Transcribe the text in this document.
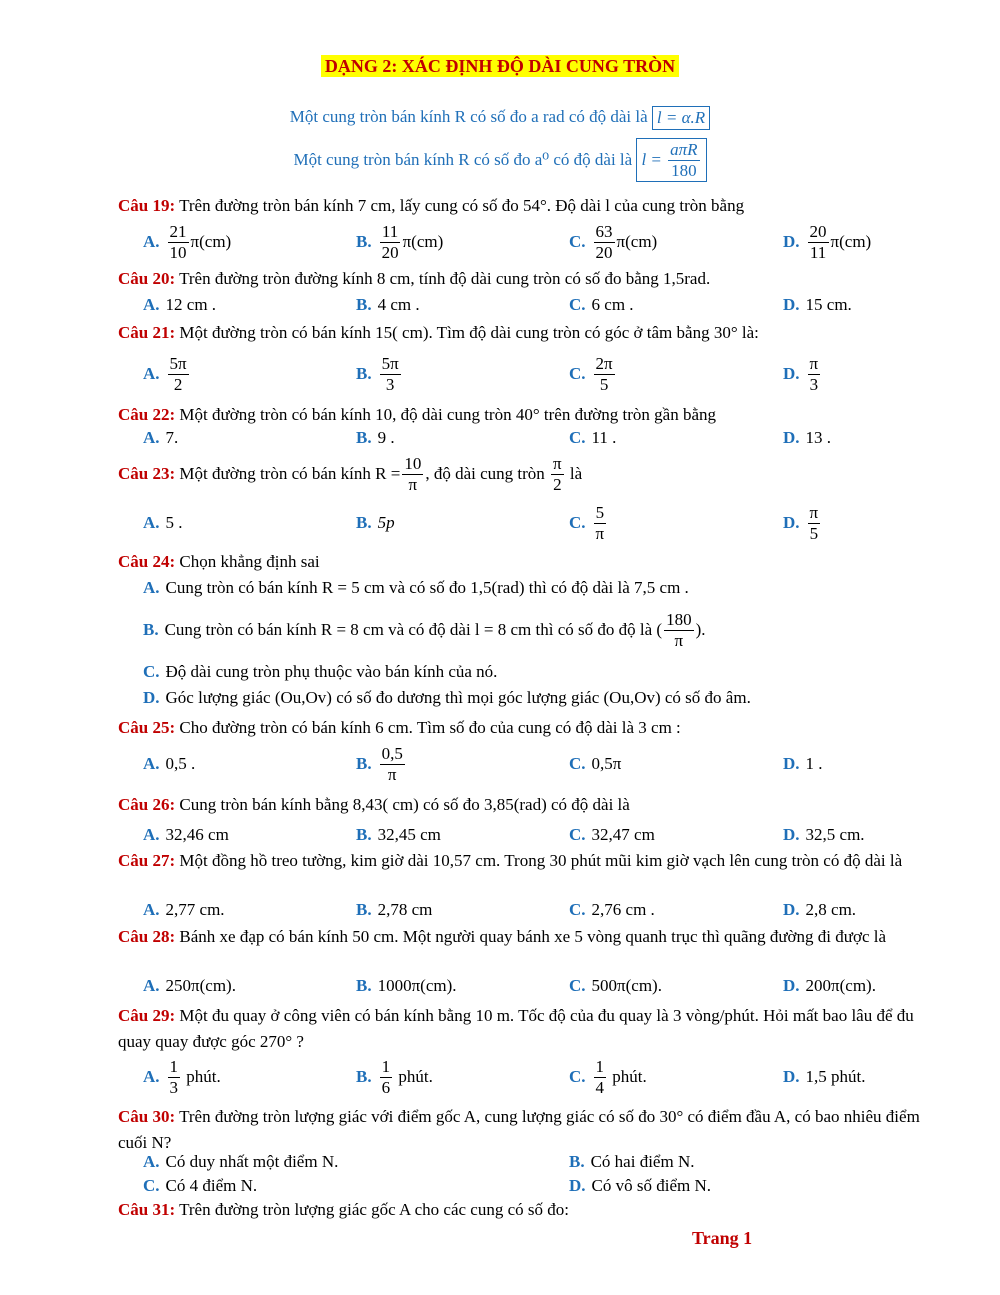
DẠNG 2: XÁC ĐỊNH ĐỘ DÀI CUNG TRÒN
Một cung tròn bán kính R có số đo a rad có độ dài là l = α.R
Một cung tròn bán kính R có số đo a⁰ có độ dài là $l = \frac{\text{aπR}}{180}$
Câu 19: Trên đường tròn bán kính 7 cm, lấy cung có số đo 54°. Độ dài l của cung tròn bằng
A. $\frac{21}{10} \pi(cm)$	B. $\frac{11}{20} \pi(cm)$	C. $\frac{63}{20} \pi(cm)$	D. $\frac{20}{11} \pi(cm)$
Câu 20: Trên đường tròn đường kính 8 cm, tính độ dài cung tròn có số đo bằng 1,5rad.
A. 12 cm .	B. 4 cm .	C. 6 cm .	D. 15 cm.
Câu 21: Một đường tròn có bán kính 15( cm). Tìm độ dài cung tròn có góc ở tâm bằng 30° là:
A. $\frac{5\pi}{2}$	B. $\frac{5\pi}{3}$	C. $\frac{2\pi}{5}$	D. $\frac{\pi}{3}$
Câu 22: Một đường tròn có bán kính 10, độ dài cung tròn 40° trên đường tròn gần bằng
A. 7.	B. 9 .	C. 11 .	D. 13 .
Câu 23:
Một đường tròn có bán kính $R = \frac{10}{\pi}$ , độ dài cung tròn
$\frac{\pi}{2}$
là
A. 5 .	B. 5p	C. $\frac{5}{\pi}$	D. $\frac{\pi}{5}$
Câu 24: Chọn khẳng định sai
A. Cung tròn có bán kính R = 5 cm và có số đo 1,5(rad) thì có độ dài là 7,5 cm .
B. Cung tròn có bán kính R = 8 cm và có độ dài l = 8 cm thì có số đo độ là ( $\frac{180}{\pi}$ ).
C. Độ dài cung tròn phụ thuộc vào bán kính của nó.
D. Góc lượng giác (Ou,Ov) có số đo dương thì mọi góc lượng giác (Ou,Ov) có số đo âm.
Câu 25: Cho đường tròn có bán kính 6 cm. Tìm số đo của cung có độ dài là 3 cm :
A. 0,5 .	B. $\frac{0,5}{\pi}$	C. 0,5π	D. 1 .
Câu 26: Cung tròn bán kính bằng 8,43( cm) có số đo 3,85(rad) có độ dài là
A. 32,46 cm	B. 32,45 cm	C. 32,47 cm	D. 32,5 cm.
Câu 27: Một đồng hồ treo tường, kim giờ dài 10,57 cm. Trong 30 phút mũi kim giờ vạch lên cung tròn có độ dài là
A. 2,77 cm.	B. 2,78 cm	C. 2,76 cm .	D. 2,8 cm.
Câu 28: Bánh xe đạp có bán kính 50 cm. Một người quay bánh xe 5 vòng quanh trục thì quãng đường đi được là
A. 250π(cm).	B. 1000π(cm).	C. 500π(cm).	D. 200π(cm).
Câu 29: Một đu quay ở công viên có bán kính bằng 10 m. Tốc độ của đu quay là 3 vòng/phút. Hỏi mất bao lâu để đu quay quay được góc 270° ?
A. $\frac{1}{3}$
phút.	B. $\frac{1}{6}$
phút.	C. $\frac{1}{4}$
phút.	D. 1,5 phút.
Câu 30: Trên đường tròn lượng giác với điểm gốc A, cung lượng giác có số đo 30° có điểm đầu A, có bao nhiêu điểm cuối N?
A. Có duy nhất một điểm N.	B. Có hai điểm N.
C. Có 4 điểm N.	D. Có vô số điểm N.
Câu 31: Trên đường tròn lượng giác gốc A cho các cung có số đo:
Trang 1
